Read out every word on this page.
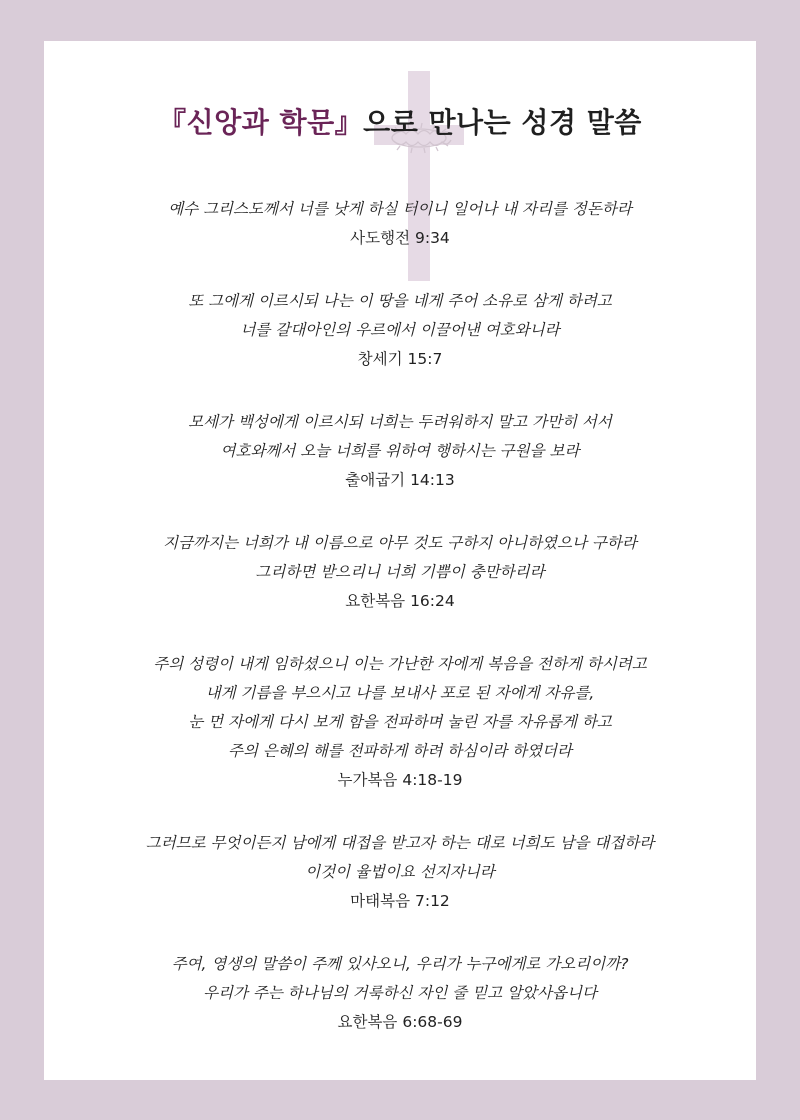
『신앙과 학문』으로 만나는 성경 말씀
예수 그리스도께서 너를 낫게 하실 터이니 일어나 내 자리를 정돈하라
사도행전 9:34
또 그에게 이르시되 나는 이 땅을 네게 주어 소유로 삼게 하려고
너를 갈대아인의 우르에서 이끌어낸 여호와니라
창세기 15:7
모세가 백성에게 이르시되 너희는 두려워하지 말고 가만히 서서
여호와께서 오늘 너희를 위하여 행하시는 구원을 보라
출애굽기 14:13
지금까지는 너희가 내 이름으로 아무 것도 구하지 아니하였으나 구하라
그리하면 받으리니 너희 기쁨이 충만하리라
요한복음 16:24
주의 성령이 내게 임하셨으니 이는 가난한 자에게 복음을 전하게 하시려고
내게 기름을 부으시고 나를 보내사 포로 된 자에게 자유를,
눈 먼 자에게 다시 보게 함을 전파하며 눌린 자를 자유롭게 하고
주의 은혜의 해를 전파하게 하려 하심이라 하였더라
누가복음 4:18-19
그러므로 무엇이든지 남에게 대접을 받고자 하는 대로 너희도 남을 대접하라
이것이 율법이요 선지자니라
마태복음 7:12
주여, 영생의 말씀이 주께 있사오니, 우리가 누구에게로 가오리이까?
우리가 주는 하나님의 거룩하신 자인 줄 믿고 알았사옵니다
요한복음 6:68-69
